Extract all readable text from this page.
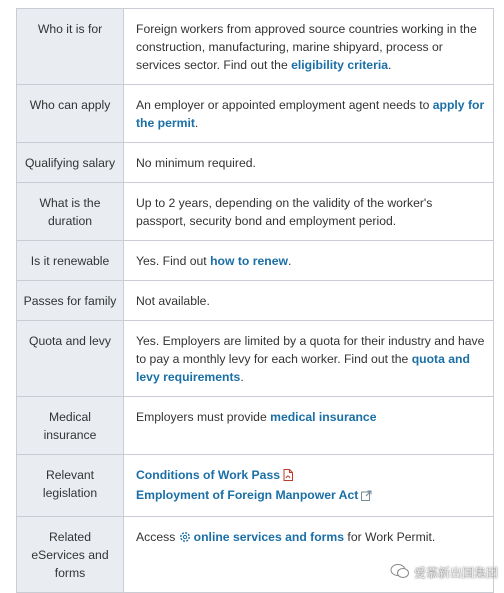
Who it is for	Foreign workers from approved source countries working in the construction, manufacturing, marine shipyard, process or services sector. Find out the eligibility criteria.
Who can apply	An employer or appointed employment agent needs to apply for the permit.
Qualifying salary	No minimum required.
What is the duration	Up to 2 years, depending on the validity of the worker's passport, security bond and employment period.
Is it renewable	Yes. Find out how to renew.
Passes for family	Not available.
Quota and levy	Yes. Employers are limited by a quota for their industry and have to pay a monthly levy for each worker. Find out the quota and levy requirements.
Medical insurance	Employers must provide medical insurance
Relevant legislation	Conditions of Work Pass
Employment of Foreign Manpower Act
Related eServices and forms	Access online services and forms for Work Permit.
爱慕新出国集团
